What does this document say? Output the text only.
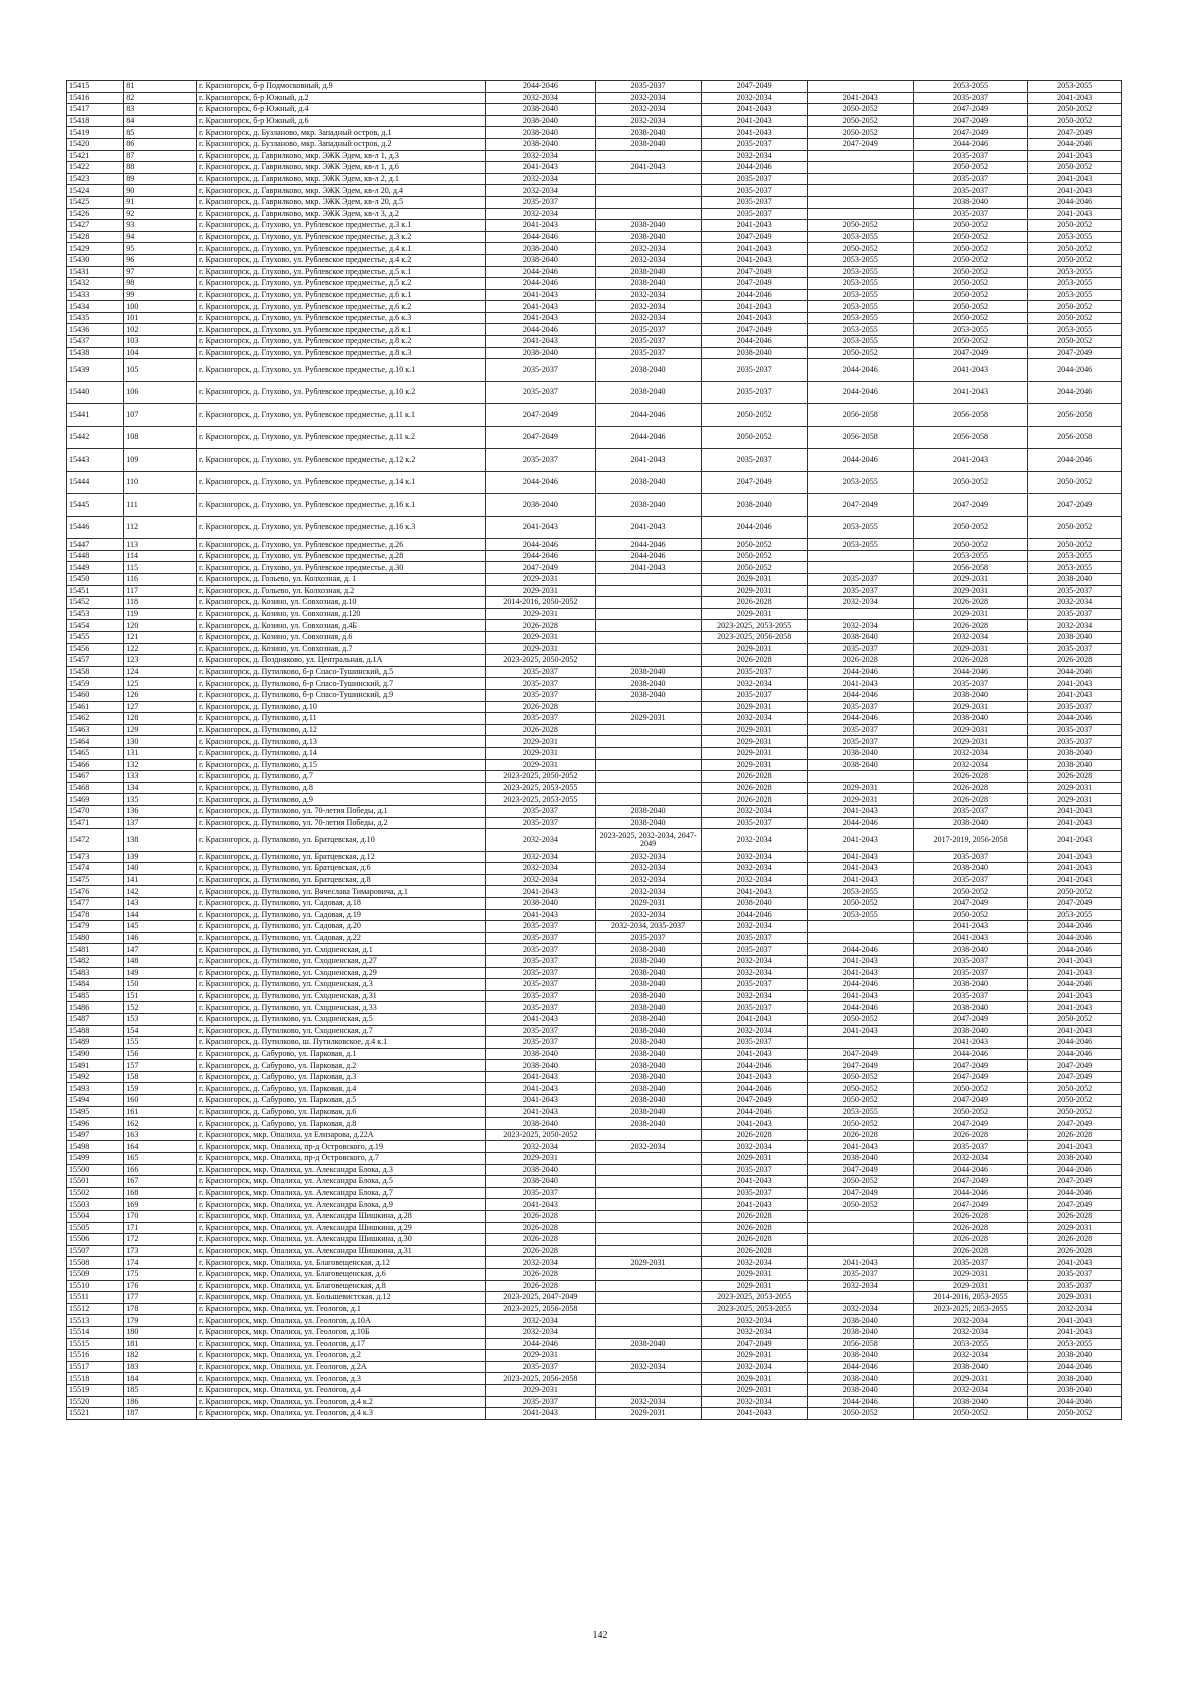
15415	81	г. Красногорск, б-р Подмосковный, д.9	2044-2046	2035-2037	2047-2049		2053-2055	2053-2055
15416	82	г. Красногорск, б-р Южный, д.2	2032-2034	2032-2034	2032-2034	2041-2043	2035-2037	2041-2043
15417	83	г. Красногорск, б-р Южный, д.4	2038-2040	2032-2034	2041-2043	2050-2052	2047-2049	2050-2052
15418	84	г. Красногорск, б-р Южный, д.6	2038-2040	2032-2034	2041-2043	2050-2052	2047-2049	2050-2052
15419	85	г. Красногорск, д. Бузланово, мкр. Западный остров, д.1	2038-2040	2038-2040	2041-2043	2050-2052	2047-2049	2047-2049
15420	86	г. Красногорск, д. Бузланово, мкр. Западный остров, д.2	2038-2040	2038-2040	2035-2037	2047-2049	2044-2046	2044-2046
15421	87	г. Красногорск, д. Гаврилково, мкр. ЭЖК Эдем, кв-л 1, д.3	2032-2034		2032-2034		2035-2037	2041-2043
15422	88	г. Красногорск, д. Гаврилково, мкр. ЭЖК Эдем, кв-л 1, д.6	2041-2043	2041-2043	2044-2046		2050-2052	2050-2052
15423	89	г. Красногорск, д. Гаврилково, мкр. ЭЖК Эдем, кв-л 2, д.1	2032-2034		2035-2037		2035-2037	2041-2043
15424	90	г. Красногорск, д. Гаврилково, мкр. ЭЖК Эдем, кв-л 20, д.4	2032-2034		2035-2037		2035-2037	2041-2043
15425	91	г. Красногорск, д. Гаврилково, мкр. ЭЖК Эдем, кв-л 20, д.5	2035-2037		2035-2037		2038-2040	2044-2046
15426	92	г. Красногорск, д. Гаврилково, мкр. ЭЖК Эдем, кв-л 3, д.2	2032-2034		2035-2037		2035-2037	2041-2043
15427	93	г. Красногорск, д. Глухово, ул. Рублевское предместье, д.3 к.1	2041-2043	2038-2040	2041-2043	2050-2052	2050-2052	2050-2052
15428	94	г. Красногорск, д. Глухово, ул. Рублевское предместье, д.3 к.2	2044-2046	2038-2040	2047-2049	2053-2055	2050-2052	2053-2055
15429	95	г. Красногорск, д. Глухово, ул. Рублевское предместье, д.4 к.1	2038-2040	2032-2034	2041-2043	2050-2052	2050-2052	2050-2052
15430	96	г. Красногорск, д. Глухово, ул. Рублевское предместье, д.4 к.2	2038-2040	2032-2034	2041-2043	2053-2055	2050-2052	2050-2052
15431	97	г. Красногорск, д. Глухово, ул. Рублевское предместье, д.5 к.1	2044-2046	2038-2040	2047-2049	2053-2055	2050-2052	2053-2055
15432	98	г. Красногорск, д. Глухово, ул. Рублевское предместье, д.5 к.2	2044-2046	2038-2040	2047-2049	2053-2055	2050-2052	2053-2055
15433	99	г. Красногорск, д. Глухово, ул. Рублевское предместье, д.6 к.1	2041-2043	2032-2034	2044-2046	2053-2055	2050-2052	2053-2055
15434	100	г. Красногорск, д. Глухово, ул. Рублевское предместье, д.6 к.2	2041-2043	2032-2034	2041-2043	2053-2055	2050-2052	2050-2052
15435	101	г. Красногорск, д. Глухово, ул. Рублевское предместье, д.6 к.3	2041-2043	2032-2034	2041-2043	2053-2055	2050-2052	2050-2052
15436	102	г. Красногорск, д. Глухово, ул. Рублевское предместье, д.8 к.1	2044-2046	2035-2037	2047-2049	2053-2055	2053-2055	2053-2055
15437	103	г. Красногорск, д. Глухово, ул. Рублевское предместье, д.8 к.2	2041-2043	2035-2037	2044-2046	2053-2055	2050-2052	2050-2052
15438	104	г. Красногорск, д. Глухово, ул. Рублевское предместье, д.8 к.3	2038-2040	2035-2037	2038-2040	2050-2052	2047-2049	2047-2049
15439	105	г. Красногорск, д. Глухово, ул. Рублевское предместье, д.10 к.1	2035-2037	2038-2040	2035-2037	2044-2046	2041-2043	2044-2046
15440	106	г. Красногорск, д. Глухово, ул. Рублевское предместье, д.10 к.2	2035-2037	2038-2040	2035-2037	2044-2046	2041-2043	2044-2046
15441	107	г. Красногорск, д. Глухово, ул. Рублевское предместье, д.11 к.1	2047-2049	2044-2046	2050-2052	2056-2058	2056-2058	2056-2058
15442	108	г. Красногорск, д. Глухово, ул. Рублевское предместье, д.11 к.2	2047-2049	2044-2046	2050-2052	2056-2058	2056-2058	2056-2058
15443	109	г. Красногорск, д. Глухово, ул. Рублевское предместье, д.12 к.2	2035-2037	2041-2043	2035-2037	2044-2046	2041-2043	2044-2046
15444	110	г. Красногорск, д. Глухово, ул. Рублевское предместье, д.14 к.1	2044-2046	2038-2040	2047-2049	2053-2055	2050-2052	2050-2052
15445	111	г. Красногорск, д. Глухово, ул. Рублевское предместье, д.16 к.1	2038-2040	2038-2040	2038-2040	2047-2049	2047-2049	2047-2049
15446	112	г. Красногорск, д. Глухово, ул. Рублевское предместье, д.16 к.3	2041-2043	2041-2043	2044-2046	2053-2055	2050-2052	2050-2052
15447	113	г. Красногорск, д. Глухово, ул. Рублевское предместье, д.26	2044-2046	2044-2046	2050-2052	2053-2055	2050-2052	2050-2052
15448	114	г. Красногорск, д. Глухово, ул. Рублевское предместье, д.28	2044-2046	2044-2046	2050-2052		2053-2055	2053-2055
15449	115	г. Красногорск, д. Глухово, ул. Рублевское предместье, д.30	2047-2049	2041-2043	2050-2052		2056-2058	2053-2055
15450	116	г. Красногорск, д. Гольево, ул. Колхозная, д. 1	2029-2031		2029-2031	2035-2037	2029-2031	2038-2040
15451	117	г. Красногорск, д. Гольево, ул. Колхозная, д.2	2029-2031		2029-2031	2035-2037	2029-2031	2035-2037
15452	118	г. Красногорск, д. Козино, ул. Совхозная, д.10	2014-2016, 2050-2052		2026-2028	2032-2034	2026-2028	2032-2034
15453	119	г. Красногорск, д. Козино, ул. Совхозная, д.120	2029-2031		2029-2031		2029-2031	2035-2037
15454	120	г. Красногорск, д. Козино, ул. Совхозная, д.4Б	2026-2028		2023-2025, 2053-2055	2032-2034	2026-2028	2032-2034
15455	121	г. Красногорск, д. Козино, ул. Совхозная, д.6	2029-2031		2023-2025, 2056-2058	2038-2040	2032-2034	2038-2040
15456	122	г. Красногорск, д. Козино, ул. Совхозная, д.7	2029-2031		2029-2031	2035-2037	2029-2031	2035-2037
15457	123	г. Красногорск, д. Поздняково, ул. Центральная, д.1А	2023-2025, 2050-2052		2026-2028	2026-2028	2026-2028	2026-2028
15458	124	г. Красногорск, д. Путилково, б-р Спасо-Тушинский, д.5	2035-2037	2038-2040	2035-2037	2044-2046	2044-2046	2044-2046
15459	125	г. Красногорск, д. Путилково, б-р Спасо-Тушинский, д.7	2035-2037	2038-2040	2032-2034	2041-2043	2035-2037	2041-2043
15460	126	г. Красногорск, д. Путилково, б-р Спасо-Тушинский, д.9	2035-2037	2038-2040	2035-2037	2044-2046	2038-2040	2041-2043
15461	127	г. Красногорск, д. Путилково, д.10	2026-2028		2029-2031	2035-2037	2029-2031	2035-2037
15462	128	г. Красногорск, д. Путилково, д.11	2035-2037	2029-2031	2032-2034	2044-2046	2038-2040	2044-2046
15463	129	г. Красногорск, д. Путилково, д.12	2026-2028		2029-2031	2035-2037	2029-2031	2035-2037
15464	130	г. Красногорск, д. Путилково, д.13	2029-2031		2029-2031	2035-2037	2029-2031	2035-2037
15465	131	г. Красногорск, д. Путилково, д.14	2029-2031		2029-2031	2038-2040	2032-2034	2038-2040
15466	132	г. Красногорск, д. Путилково, д.15	2029-2031		2029-2031	2038-2040	2032-2034	2038-2040
15467	133	г. Красногорск, д. Путилково, д.7	2023-2025, 2050-2052		2026-2028		2026-2028	2026-2028
15468	134	г. Красногорск, д. Путилково, д.8	2023-2025, 2053-2055		2026-2028	2029-2031	2026-2028	2029-2031
15469	135	г. Красногорск, д. Путилково, д.9	2023-2025, 2053-2055		2026-2028	2029-2031	2026-2028	2029-2031
15470	136	г. Красногорск, д. Путилково, ул. 70-летия Победы, д.1	2035-2037	2038-2040	2032-2034	2041-2043	2035-2037	2041-2043
15471	137	г. Красногорск, д. Путилково, ул. 70-летия Победы, д.2	2035-2037	2038-2040	2035-2037	2044-2046	2038-2040	2041-2043
15472	138	г. Красногорск, д. Путилково, ул. Братцевская, д.10	2032-2034	2023-2025, 2032-2034, 2047-2049	2032-2034	2041-2043	2017-2019, 2056-2058	2041-2043
15473	139	г. Красногорск, д. Путилково, ул. Братцевская, д.12	2032-2034	2032-2034	2032-2034	2041-2043	2035-2037	2041-2043
15474	140	г. Красногорск, д. Путилково, ул. Братцевская, д.6	2032-2034	2032-2034	2032-2034	2041-2043	2038-2040	2041-2043
15475	141	г. Красногорск, д. Путилково, ул. Братцевская, д.8	2032-2034	2032-2034	2032-2034	2041-2043	2035-2037	2041-2043
15476	142	г. Красногорск, д. Путилково, ул. Вячеслава Тимаровича, д.1	2041-2043	2032-2034	2041-2043	2053-2055	2050-2052	2050-2052
15477	143	г. Красногорск, д. Путилково, ул. Садовая, д.18	2038-2040	2029-2031	2038-2040	2050-2052	2047-2049	2047-2049
15478	144	г. Красногорск, д. Путилково, ул. Садовая, д.19	2041-2043	2032-2034	2044-2046	2053-2055	2050-2052	2053-2055
15479	145	г. Красногорск, д. Путилково, ул. Садовая, д.20	2035-2037	2032-2034, 2035-2037	2032-2034		2041-2043	2044-2046
15480	146	г. Красногорск, д. Путилково, ул. Садовая, д.22	2035-2037	2035-2037	2035-2037		2041-2043	2044-2046
15481	147	г. Красногорск, д. Путилково, ул. Сходненская, д.1	2035-2037	2038-2040	2035-2037	2044-2046	2038-2040	2044-2046
15482	148	г. Красногорск, д. Путилково, ул. Сходненская, д.27	2035-2037	2038-2040	2032-2034	2041-2043	2035-2037	2041-2043
15483	149	г. Красногорск, д. Путилково, ул. Сходненская, д.29	2035-2037	2038-2040	2032-2034	2041-2043	2035-2037	2041-2043
15484	150	г. Красногорск, д. Путилково, ул. Сходненская, д.3	2035-2037	2038-2040	2035-2037	2044-2046	2038-2040	2044-2046
15485	151	г. Красногорск, д. Путилково, ул. Сходненская, д.31	2035-2037	2038-2040	2032-2034	2041-2043	2035-2037	2041-2043
15486	152	г. Красногорск, д. Путилково, ул. Сходненская, д.33	2035-2037	2038-2040	2035-2037	2044-2046	2038-2040	2041-2043
15487	153	г. Красногорск, д. Путилково, ул. Сходненская, д.5	2041-2043	2038-2040	2041-2043	2050-2052	2047-2049	2050-2052
15488	154	г. Красногорск, д. Путилково, ул. Сходненская, д.7	2035-2037	2038-2040	2032-2034	2041-2043	2038-2040	2041-2043
15489	155	г. Красногорск, д. Путилково, ш. Путилковское, д.4 к.1	2035-2037	2038-2040	2035-2037		2041-2043	2044-2046
15490	156	г. Красногорск, д. Сабурово, ул. Парковая, д.1	2038-2040	2038-2040	2041-2043	2047-2049	2044-2046	2044-2046
15491	157	г. Красногорск, д. Сабурово, ул. Парковая, д.2	2038-2040	2038-2040	2044-2046	2047-2049	2047-2049	2047-2049
15492	158	г. Красногорск, д. Сабурово, ул. Парковая, д.3	2041-2043	2038-2040	2041-2043	2050-2052	2047-2049	2047-2049
15493	159	г. Красногорск, д. Сабурово, ул. Парковая, д.4	2041-2043	2038-2040	2044-2046	2050-2052	2050-2052	2050-2052
15494	160	г. Красногорск, д. Сабурово, ул. Парковая, д.5	2041-2043	2038-2040	2047-2049	2050-2052	2047-2049	2050-2052
15495	161	г. Красногорск, д. Сабурово, ул. Парковая, д.6	2041-2043	2038-2040	2044-2046	2053-2055	2050-2052	2050-2052
15496	162	г. Красногорск, д. Сабурово, ул. Парковая, д.8	2038-2040	2038-2040	2041-2043	2050-2052	2047-2049	2047-2049
15497	163	г. Красногорск, мкр. Опалиха, ул Елизарова, д.22А	2023-2025, 2050-2052		2026-2028	2026-2028	2026-2028	2026-2028
15498	164	г. Красногорск, мкр. Опалиха, пр-д Островского, д.19	2032-2034	2032-2034	2032-2034	2041-2043	2035-2037	2041-2043
15499	165	г. Красногорск, мкр. Опалиха, пр-д Островского, д.7	2029-2031		2029-2031	2038-2040	2032-2034	2038-2040
15500	166	г. Красногорск, мкр. Опалиха, ул. Александра Блока, д.3	2038-2040		2035-2037	2047-2049	2044-2046	2044-2046
15501	167	г. Красногорск, мкр. Опалиха, ул. Александра Блока, д.5	2038-2040		2041-2043	2050-2052	2047-2049	2047-2049
15502	168	г. Красногорск, мкр. Опалиха, ул. Александра Блока, д.7	2035-2037		2035-2037	2047-2049	2044-2046	2044-2046
15503	169	г. Красногорск, мкр. Опалиха, ул. Александра Блока, д.9	2041-2043		2041-2043	2050-2052	2047-2049	2047-2049
15504	170	г. Красногорск, мкр. Опалиха, ул. Александра Шишкина, д.28	2026-2028		2026-2028		2026-2028	2026-2028
15505	171	г. Красногорск, мкр. Опалиха, ул. Александра Шишкина, д.29	2026-2028		2026-2028		2026-2028	2029-2031
15506	172	г. Красногорск, мкр. Опалиха, ул. Александра Шишкина, д.30	2026-2028		2026-2028		2026-2028	2026-2028
15507	173	г. Красногорск, мкр. Опалиха, ул. Александра Шишкина, д.31	2026-2028		2026-2028		2026-2028	2026-2028
15508	174	г. Красногорск, мкр. Опалиха, ул. Благовещенская, д.12	2032-2034	2029-2031	2032-2034	2041-2043	2035-2037	2041-2043
15509	175	г. Красногорск, мкр. Опалиха, ул. Благовещенская, д.6	2026-2028		2029-2031	2035-2037	2029-2031	2035-2037
15510	176	г. Красногорск, мкр. Опалиха, ул. Благовещенская, д.8	2026-2028		2029-2031	2032-2034	2029-2031	2035-2037
15511	177	г. Красногорск, мкр. Опалиха, ул. Большевистская, д.12	2023-2025, 2047-2049		2023-2025, 2053-2055		2014-2016, 2053-2055	2029-2031
15512	178	г. Красногорск, мкр. Опалиха, ул. Геологов, д.1	2023-2025, 2056-2058		2023-2025, 2053-2055	2032-2034	2023-2025, 2053-2055	2032-2034
15513	179	г. Красногорск, мкр. Опалиха, ул. Геологов, д.10А	2032-2034		2032-2034	2038-2040	2032-2034	2041-2043
15514	180	г. Красногорск, мкр. Опалиха, ул. Геологов, д.10Б	2032-2034		2032-2034	2038-2040	2032-2034	2041-2043
15515	181	г. Красногорск, мкр. Опалиха, ул. Геологов, д.17	2044-2046	2038-2040	2047-2049	2056-2058	2053-2055	2053-2055
15516	182	г. Красногорск, мкр. Опалиха, ул. Геологов, д.2	2029-2031		2029-2031	2038-2040	2032-2034	2038-2040
15517	183	г. Красногорск, мкр. Опалиха, ул. Геологов, д.2А	2035-2037	2032-2034	2032-2034	2044-2046	2038-2040	2044-2046
15518	184	г. Красногорск, мкр. Опалиха, ул. Геологов, д.3	2023-2025, 2056-2058		2029-2031	2038-2040	2029-2031	2038-2040
15519	185	г. Красногорск, мкр. Опалиха, ул. Геологов, д.4	2029-2031		2029-2031	2038-2040	2032-2034	2038-2040
15520	186	г. Красногорск, мкр. Опалиха, ул. Геологов, д.4 к.2	2035-2037	2032-2034	2032-2034	2044-2046	2038-2040	2044-2046
15521	187	г. Красногорск, мкр. Опалиха, ул. Геологов, д.4 к.3	2041-2043	2029-2031	2041-2043	2050-2052	2050-2052	2050-2052
142
